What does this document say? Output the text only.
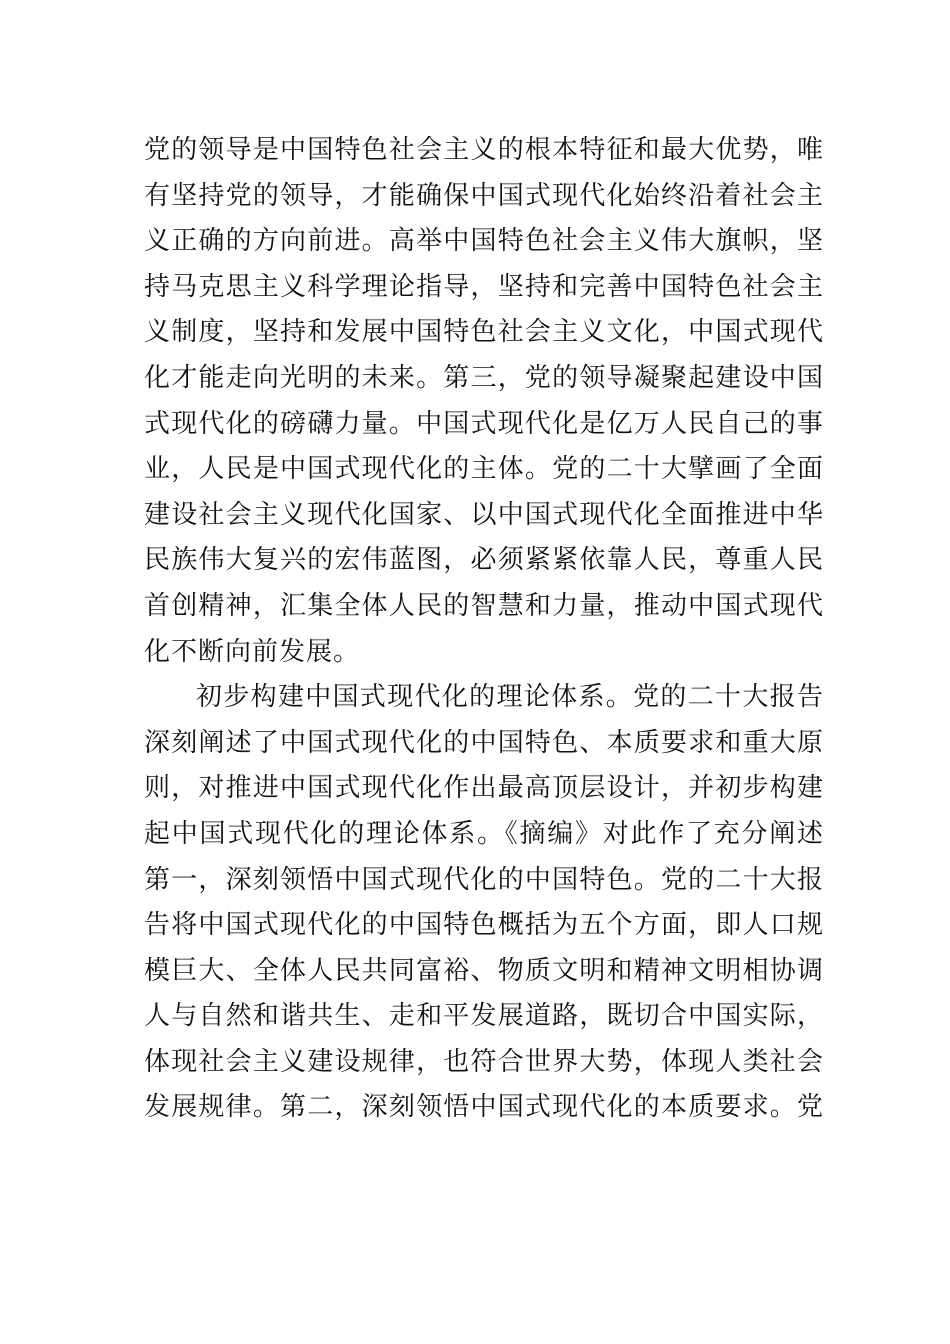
党的领导是中国特色社会主义的根本特征和最大优势，唯
有坚持党的领导，才能确保中国式现代化始终沿着社会主
义正确的方向前进。高举中国特色社会主义伟大旗帜，坚
持马克思主义科学理论指导，坚持和完善中国特色社会主
义制度，坚持和发展中国特色社会主义文化，中国式现代
化才能走向光明的未来。第三，党的领导凝聚起建设中国
式现代化的磅礴力量。中国式现代化是亿万人民自己的事
业，人民是中国式现代化的主体。党的二十大擘画了全面
建设社会主义现代化国家、以中国式现代化全面推进中华
民族伟大复兴的宏伟蓝图，必须紧紧依靠人民，尊重人民
首创精神，汇集全体人民的智慧和力量，推动中国式现代
化不断向前发展。
初步构建中国式现代化的理论体系。党的二十大报告
深刻阐述了中国式现代化的中国特色、本质要求和重大原
则，对推进中国式现代化作出最高顶层设计，并初步构建
起中国式现代化的理论体系。《摘编》对此作了充分阐述
第一，深刻领悟中国式现代化的中国特色。党的二十大报
告将中国式现代化的中国特色概括为五个方面，即人口规
模巨大、全体人民共同富裕、物质文明和精神文明相协调
人与自然和谐共生、走和平发展道路，既切合中国实际，
体现社会主义建设规律，也符合世界大势，体现人类社会
发展规律。第二，深刻领悟中国式现代化的本质要求。党
